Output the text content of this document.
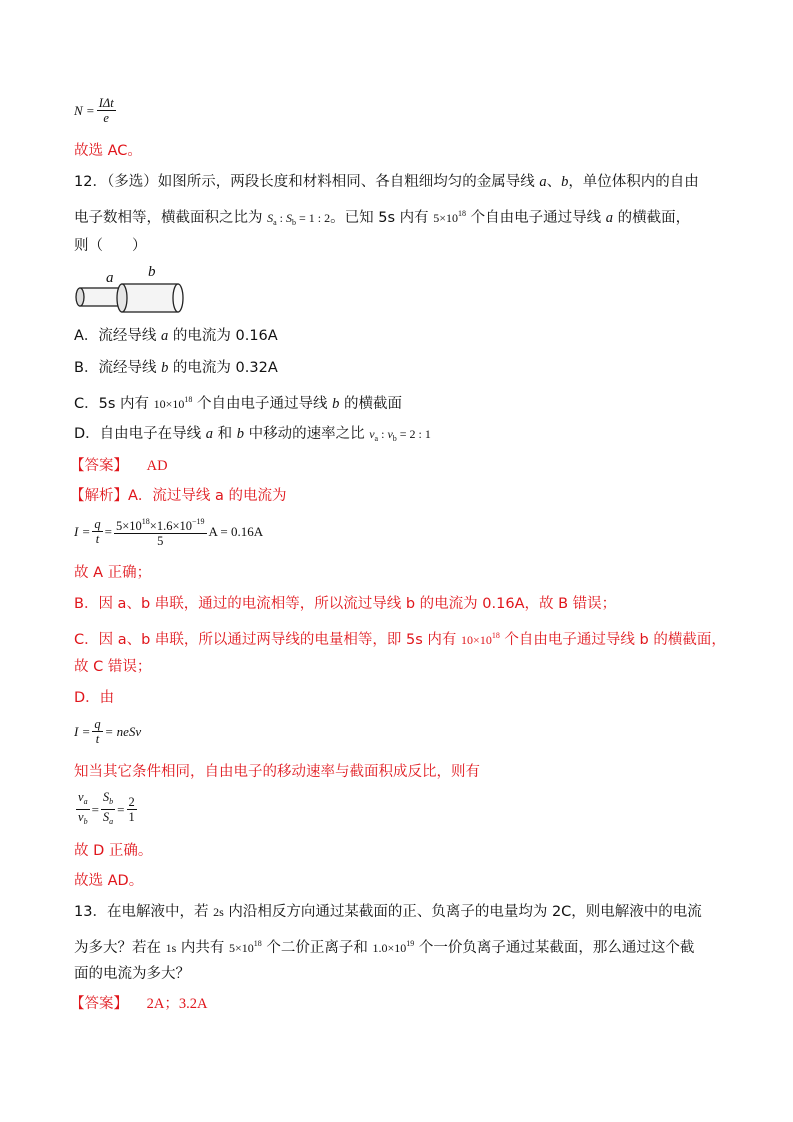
$N = \frac{\text{IΔt}}{e}$
故选 AC。
12．（多选）如图所示，两段长度和材料相同、各自粗细均匀的金属导线 a、b，单位体积内的自由
电子数相等，横截面积之比为 $S_a$ : $S_b = 1$ : 2。已知 5s 内有 $5\times 10^{18}$ 个自由电子通过导线 a 的横截面，
则（　　）
a b
A．流经导线 a 的电流为 0.16A
B．流经导线 b 的电流为 0.32A
C．5s 内有 $10\times 10^{18}$ 个自由电子通过导线 b 的横截面
D．自由电子在导线 a 和 b 中移动的速率之比 $v_a$ : $v_b = 2$ : 1
【答案】 AD
【解析】A．流过导线 a 的电流为
$I = \frac{q}{t} = \frac{5\times 10^{18}\times 1.6\times 10^{-19}}{5}$ A = 0.16A
故 A 正确；
B．因 a、b 串联，通过的电流相等，所以流过导线 b 的电流为 0.16A，故 B 错误；
C．因 a、b 串联，所以通过两导线的电量相等，即 5s 内有 $10\times 10^{18}$ 个自由电子通过导线 b 的横截面，
故 C 错误；
D．由
$I = \frac{q}{t}$ = neSv
知当其它条件相同，自由电子的移动速率与截面积成反比，则有
$\frac{v_a}{v_b} = \frac{S_b}{S_a} = \frac{2}{1}$
故 D 正确。
故选 AD。
13．在电解液中，若 2s 内沿相反方向通过某截面的正、负离子的电量均为 2C，则电解液中的电流
为多大？若在 1s 内共有 $5\times 10^{18}$ 个二价正离子和 $1.0\times 10^{19}$ 个一价负离子通过某截面，那么通过这个截
面的电流为多大？
【答案】 2A；3.2A
